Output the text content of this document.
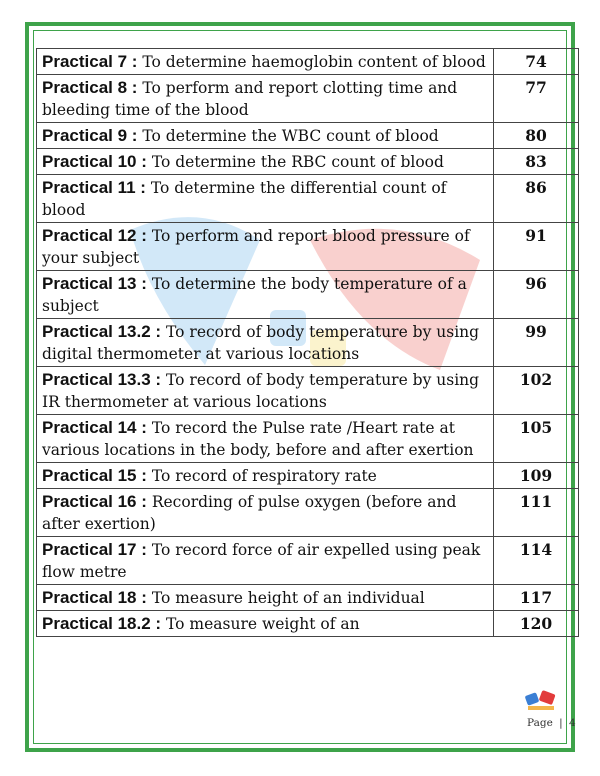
Practical 7 : To determine haemoglobin content of blood	74
Practical 8 : To perform and report clotting time and bleeding time of the blood	77
Practical 9 : To determine the WBC count of blood	80
Practical 10 : To determine the RBC count of blood	83
Practical 11 : To determine the differential count of blood	86
Practical 12 : To perform and report blood pressure of your subject	91
Practical 13 : To determine the body temperature of a subject	96
Practical 13.2 : To record of body temperature by using digital thermometer at various locations	99
Practical 13.3 : To record of body temperature by using IR thermometer at various locations	102
Practical 14 : To record the Pulse rate /Heart rate at various locations in the body, before and after exertion	105
Practical 15 : To record of respiratory rate	109
Practical 16 : Recording of pulse oxygen (before and after exertion)	111
Practical 17 : To record force of air expelled using peak flow metre	114
Practical 18 : To measure height of an individual	117
Practical 18.2 : To measure weight of an	120
Page | 4
